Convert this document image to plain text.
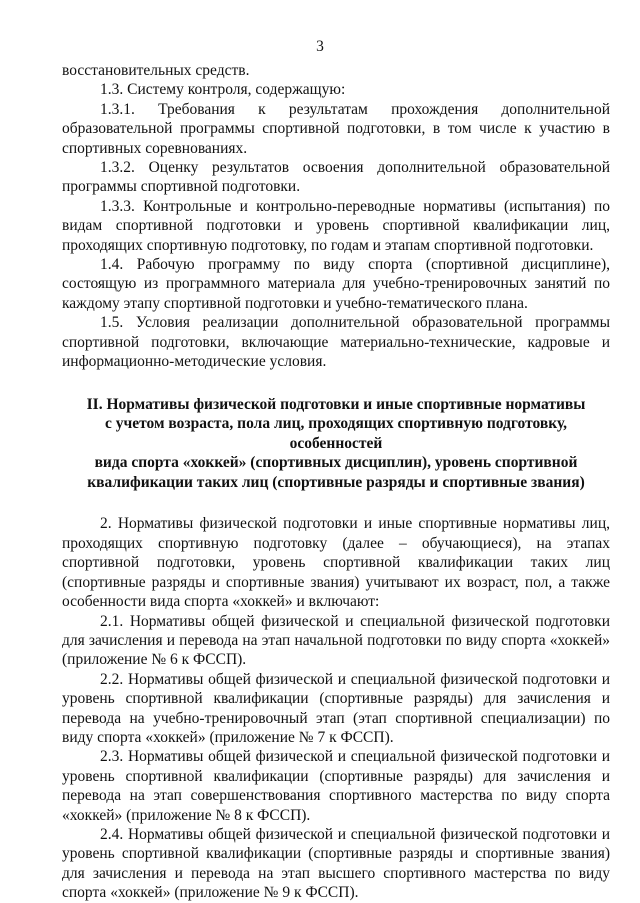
3

восстановительных средств.

1.3. Систему контроля, содержащую:

1.3.1. Требования к результатам прохождения дополнительной образовательной программы спортивной подготовки, в том числе к участию в спортивных соревнованиях.

1.3.2. Оценку результатов освоения дополнительной образовательной программы спортивной подготовки.

1.3.3. Контрольные и контрольно-переводные нормативы (испытания) по видам спортивной подготовки и уровень спортивной квалификации лиц, проходящих спортивную подготовку, по годам и этапам спортивной подготовки.

1.4. Рабочую программу по виду спорта (спортивной дисциплине), состоящую из программного материала для учебно-тренировочных занятий по каждому этапу спортивной подготовки и учебно-тематического плана.

1.5. Условия реализации дополнительной образовательной программы спортивной подготовки, включающие материально-технические, кадровые и информационно-методические условия.

II. Нормативы физической подготовки и иные спортивные нормативы
с учетом возраста, пола лиц, проходящих спортивную подготовку, особенностей
вида спорта «хоккей» (спортивных дисциплин), уровень спортивной
квалификации таких лиц (спортивные разряды и спортивные звания)

2. Нормативы физической подготовки и иные спортивные нормативы лиц, проходящих спортивную подготовку (далее – обучающиеся), на этапах спортивной подготовки, уровень спортивной квалификации таких лиц (спортивные разряды и спортивные звания) учитывают их возраст, пол, а также особенности вида спорта «хоккей» и включают:

2.1. Нормативы общей физической и специальной физической подготовки для зачисления и перевода на этап начальной подготовки по виду спорта «хоккей» (приложение № 6 к ФССП).

2.2. Нормативы общей физической и специальной физической подготовки и уровень спортивной квалификации (спортивные разряды) для зачисления и перевода на учебно-тренировочный этап (этап спортивной специализации) по виду спорта «хоккей» (приложение № 7 к ФССП).

2.3. Нормативы общей физической и специальной физической подготовки и уровень спортивной квалификации (спортивные разряды) для зачисления и перевода на этап совершенствования спортивного мастерства по виду спорта «хоккей» (приложение № 8 к ФССП).

2.4. Нормативы общей физической и специальной физической подготовки и уровень спортивной квалификации (спортивные разряды и спортивные звания) для зачисления и перевода на этап высшего спортивного мастерства по виду спорта «хоккей» (приложение № 9 к ФССП).
